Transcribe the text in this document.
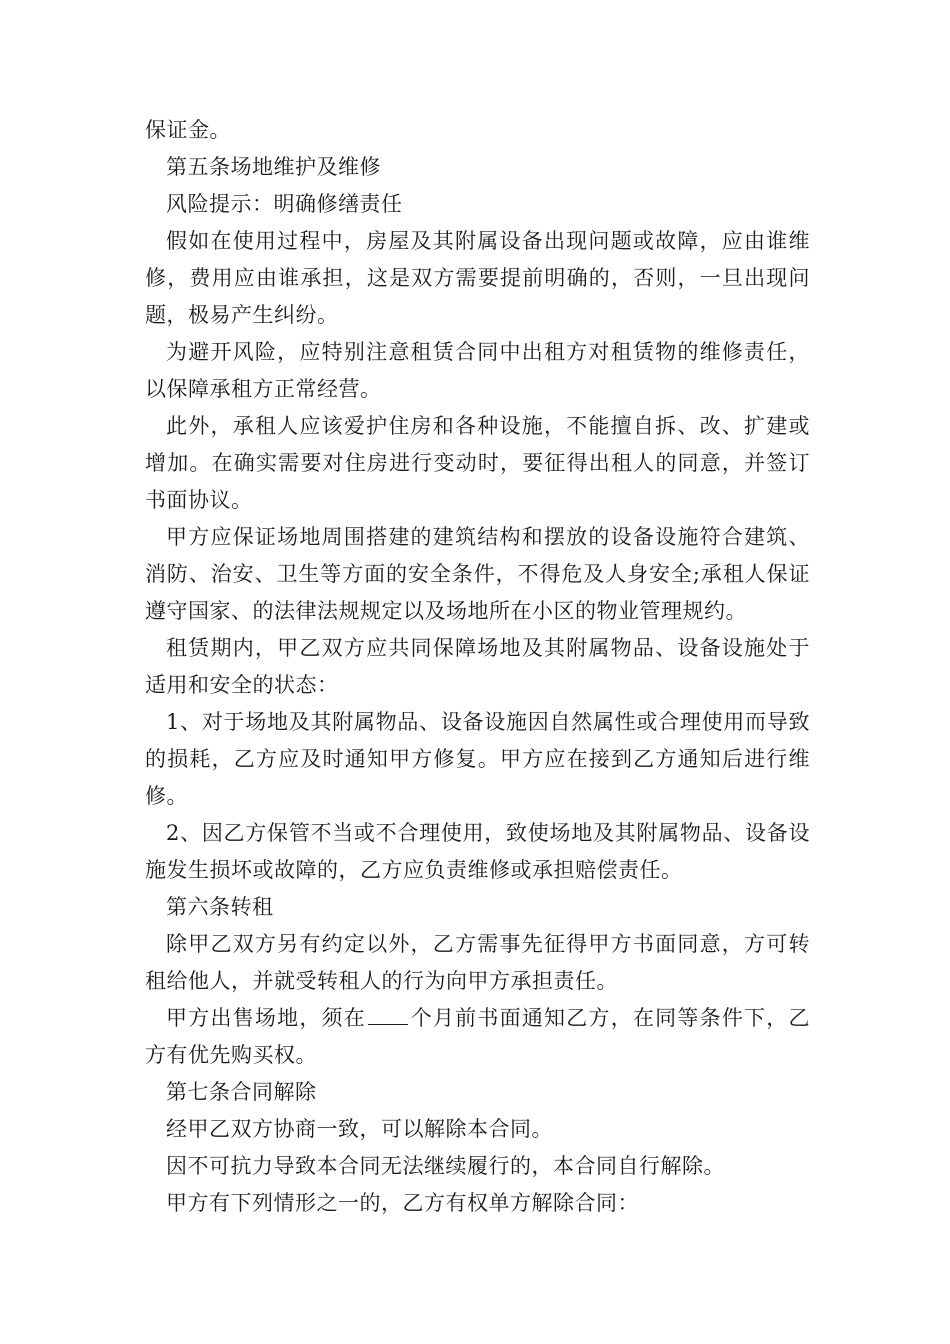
保证金。

第五条场地维护及维修

风险提示：明确修缮责任

假如在使用过程中，房屋及其附属设备出现问题或故障，应由谁维修，费用应由谁承担，这是双方需要提前明确的，否则，一旦出现问题，极易产生纠纷。

为避开风险，应特别注意租赁合同中出租方对租赁物的维修责任，以保障承租方正常经营。

此外，承租人应该爱护住房和各种设施，不能擅自拆、改、扩建或增加。在确实需要对住房进行变动时，要征得出租人的同意，并签订书面协议。

甲方应保证场地周围搭建的建筑结构和摆放的设备设施符合建筑、消防、治安、卫生等方面的安全条件，不得危及人身安全;承租人保证遵守国家、的法律法规规定以及场地所在小区的物业管理规约。

租赁期内，甲乙双方应共同保障场地及其附属物品、设备设施处于适用和安全的状态：

1、对于场地及其附属物品、设备设施因自然属性或合理使用而导致的损耗，乙方应及时通知甲方修复。甲方应在接到乙方通知后进行维修。

2、因乙方保管不当或不合理使用，致使场地及其附属物品、设备设施发生损坏或故障的，乙方应负责维修或承担赔偿责任。

第六条转租

除甲乙双方另有约定以外，乙方需事先征得甲方书面同意，方可转租给他人，并就受转租人的行为向甲方承担责任。

甲方出售场地，须在 个月前书面通知乙方，在同等条件下，乙方有优先购买权。

第七条合同解除

经甲乙双方协商一致，可以解除本合同。

因不可抗力导致本合同无法继续履行的，本合同自行解除。

甲方有下列情形之一的，乙方有权单方解除合同：
